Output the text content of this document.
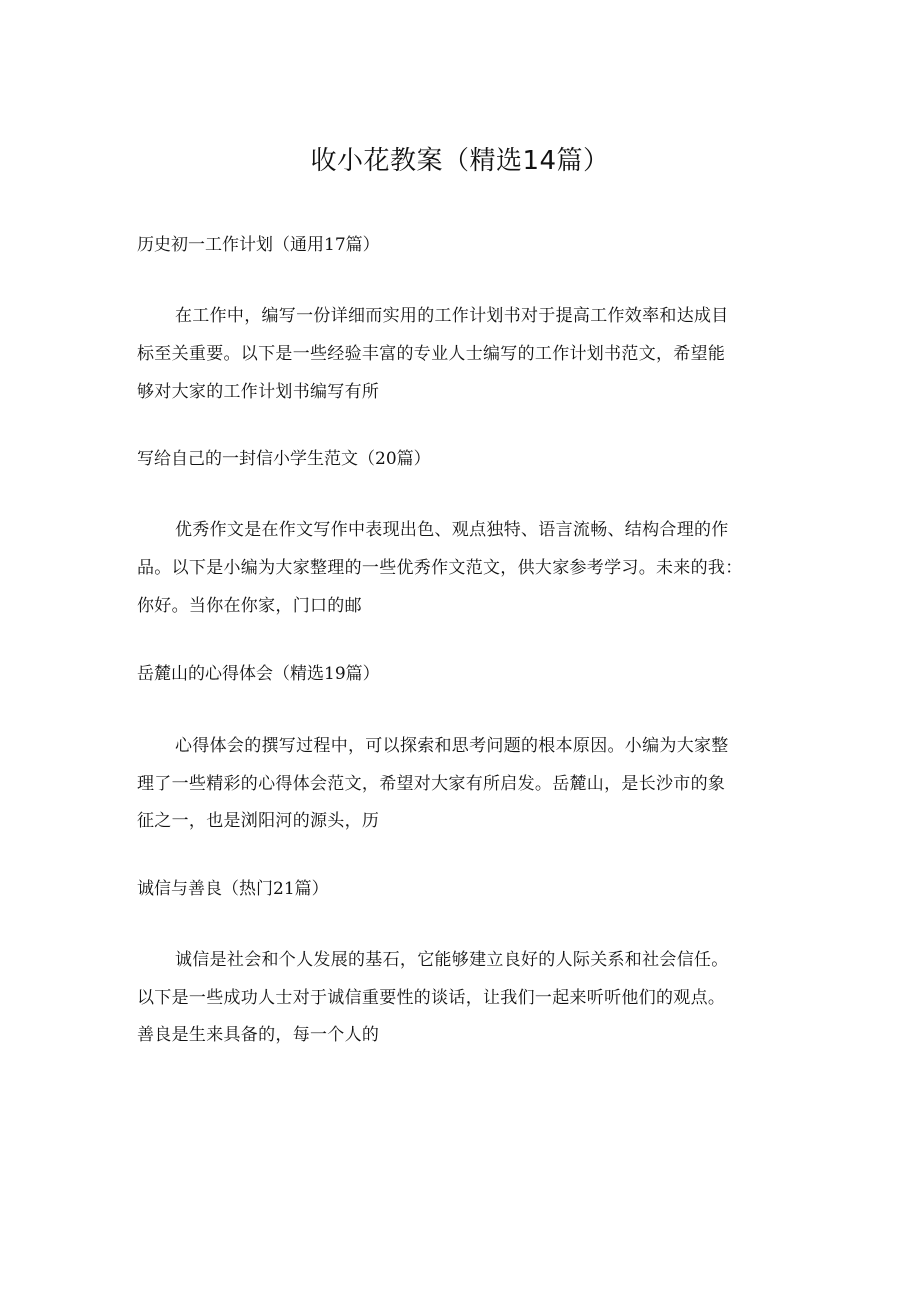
收小花教案（精选14篇）
历史初一工作计划（通用17篇）

在工作中，编写一份详细而实用的工作计划书对于提高工作效率和达成目

标至关重要。以下是一些经验丰富的专业人士编写的工作计划书范文，希望能

够对大家的工作计划书编写有所

写给自己的一封信小学生范文（20篇）

优秀作文是在作文写作中表现出色、观点独特、语言流畅、结构合理的作

品。以下是小编为大家整理的一些优秀作文范文，供大家参考学习。未来的我：

你好。当你在你家，门口的邮

岳麓山的心得体会（精选19篇）

心得体会的撰写过程中，可以探索和思考问题的根本原因。小编为大家整

理了一些精彩的心得体会范文，希望对大家有所启发。岳麓山，是长沙市的象

征之一，也是浏阳河的源头，历

诚信与善良（热门21篇）

诚信是社会和个人发展的基石，它能够建立良好的人际关系和社会信任。

以下是一些成功人士对于诚信重要性的谈话，让我们一起来听听他们的观点。

善良是生来具备的，每一个人的
